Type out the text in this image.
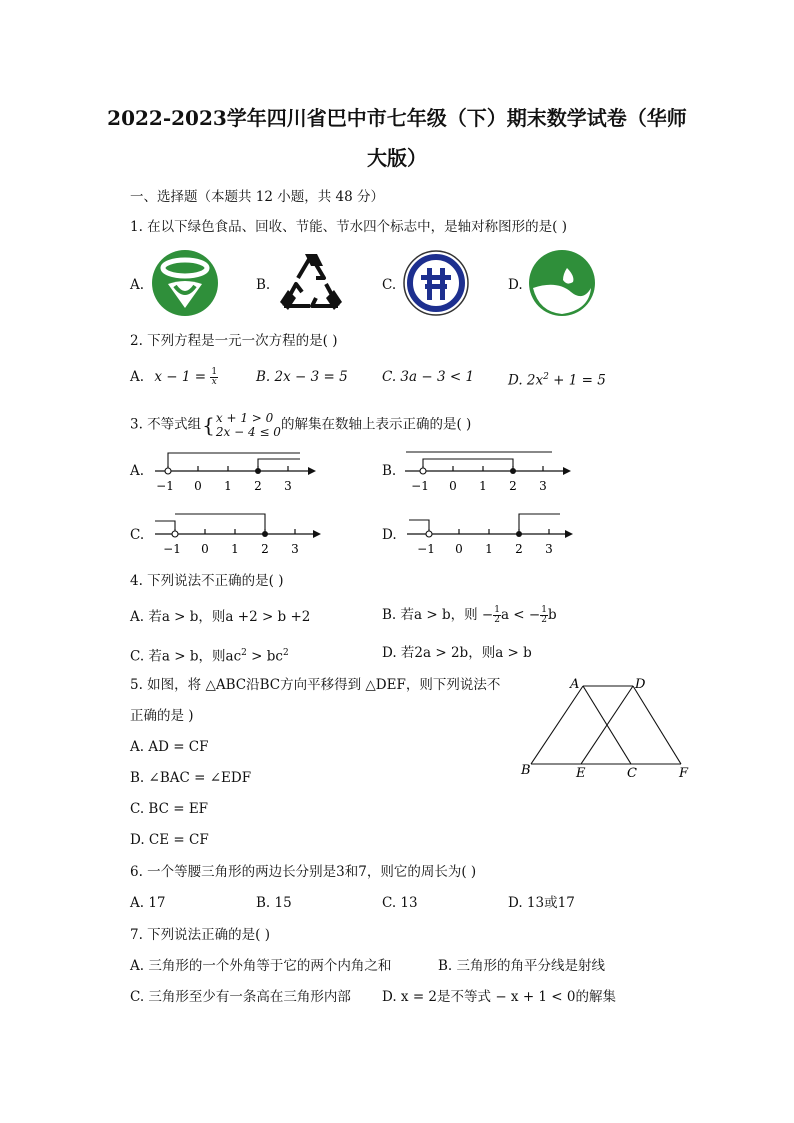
2022-2023学年四川省巴中市七年级（下）期末数学试卷（华师
大版）
一、选择题（本题共 12 小题，共 48 分）
1. 在以下绿色食品、回收、节能、节水四个标志中，是轴对称图形的是( )
A.	B.	C.	D.
2. 下列方程是一元一次方程的是( )
A. $x - 1 = \frac{1}{x}$	B. 2x − 3 = 5	C. 3a − 3 < 1	D. $2x^2 + 1 = 5$
3. 不等式组{ x + 1 > 0
2x − 4 ≤ 0 的解集在数轴上表示正确的是( )
A.
−1 0 1 2 3
B.
−1 0 1 2 3
C.
−1 0 1 2 3
D.
−1 0 1 2 3
4. 下列说法不正确的是( )
A. 若a > b，则a +2 > b +2	B. 若a > b，则 − $\frac{1}{2}$ a < − $\frac{1}{2}$ b
C. 若a > b，则$ac^2 > bc^2$	D. 若2a > 2b，则a > b
5. 如图，将 △ABC沿BC方向平移得到 △DEF，则下列说法不
正确的是 )
A. AD = CF
B. ∠BAC = ∠EDF
C. BC = EF
D. CE = CF
A	D
B	E	C	F
6. 一个等腰三角形的两边长分别是3和7，则它的周长为( )
A. 17	B. 15	C. 13	D. 13或17
7. 下列说法正确的是( )
A. 三角形的一个外角等于它的两个内角之和	B. 三角形的角平分线是射线
C. 三角形至少有一条高在三角形内部 D. x = 2是不等式 − x + 1 < 0的解集
